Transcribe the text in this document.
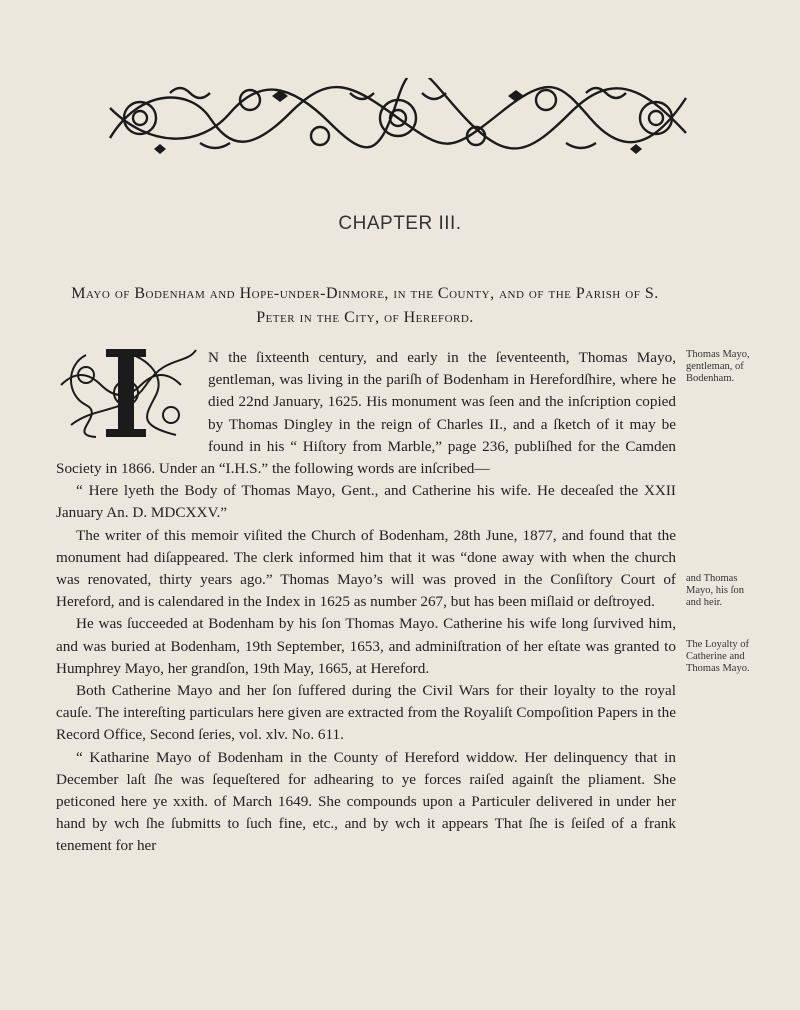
CHAPTER III.
Mayo of Bodenham and Hope-under-Dinmore, in the County, and of the Parish of S. Peter in the City, of Hereford.

N the ſixteenth century, and early in the ſeventeenth, Thomas Mayo, gentleman, was living in the pariſh of Bodenham in Herefordſhire, where he died 22nd January, 1625. His monument was ſeen and the inſcription copied by Thomas Dingley in the reign of Charles II., and a ſketch of it may be found in his “ Hiſtory from Marble,” page 236, publiſhed for the Camden Society in 1866. Under an “I.H.S.” the following words are inſcribed—

“ Here lyeth the Body of Thomas Mayo, Gent., and Catherine his wife. He deceaſed the XXII January An. D. MDCXXV.”

The writer of this memoir viſited the Church of Bodenham, 28th June, 1877, and found that the monument had diſappeared. The clerk informed him that it was “done away with when the church was renovated, thirty years ago.” Thomas Mayo’s will was proved in the Conſiſtory Court of Hereford, and is calendared in the Index in 1625 as number 267, but has been miſlaid or deſtroyed.

He was ſucceeded at Bodenham by his ſon Thomas Mayo. Catherine his wife long ſurvived him, and was buried at Bodenham, 19th September, 1653, and adminiſtration of her eſtate was granted to Humphrey Mayo, her grandſon, 19th May, 1665, at Hereford.

Both Catherine Mayo and her ſon ſuffered during the Civil Wars for their loyalty to the royal cauſe. The intereſting particulars here given are extracted from the Royaliſt Compoſition Papers in the Record Office, Second ſeries, vol. xlv. No. 611.

“ Katharine Mayo of Bodenham in the County of Hereford widdow. Her delinquency that in December laſt ſhe was ſequeſtered for adhearing to ye forces raiſed againſt the pliament. She peticoned here ye xxith. of March 1649. She compounds upon a Particuler delivered in under her hand by wch ſhe ſubmitts to ſuch fine, etc., and by wch it appears That ſhe is ſeiſed of a frank tenement for her

Thomas Mayo, gentleman, of Bodenham.
and Thomas Mayo, his ſon and heir.
The Loyalty of Catherine and Thomas Mayo.
